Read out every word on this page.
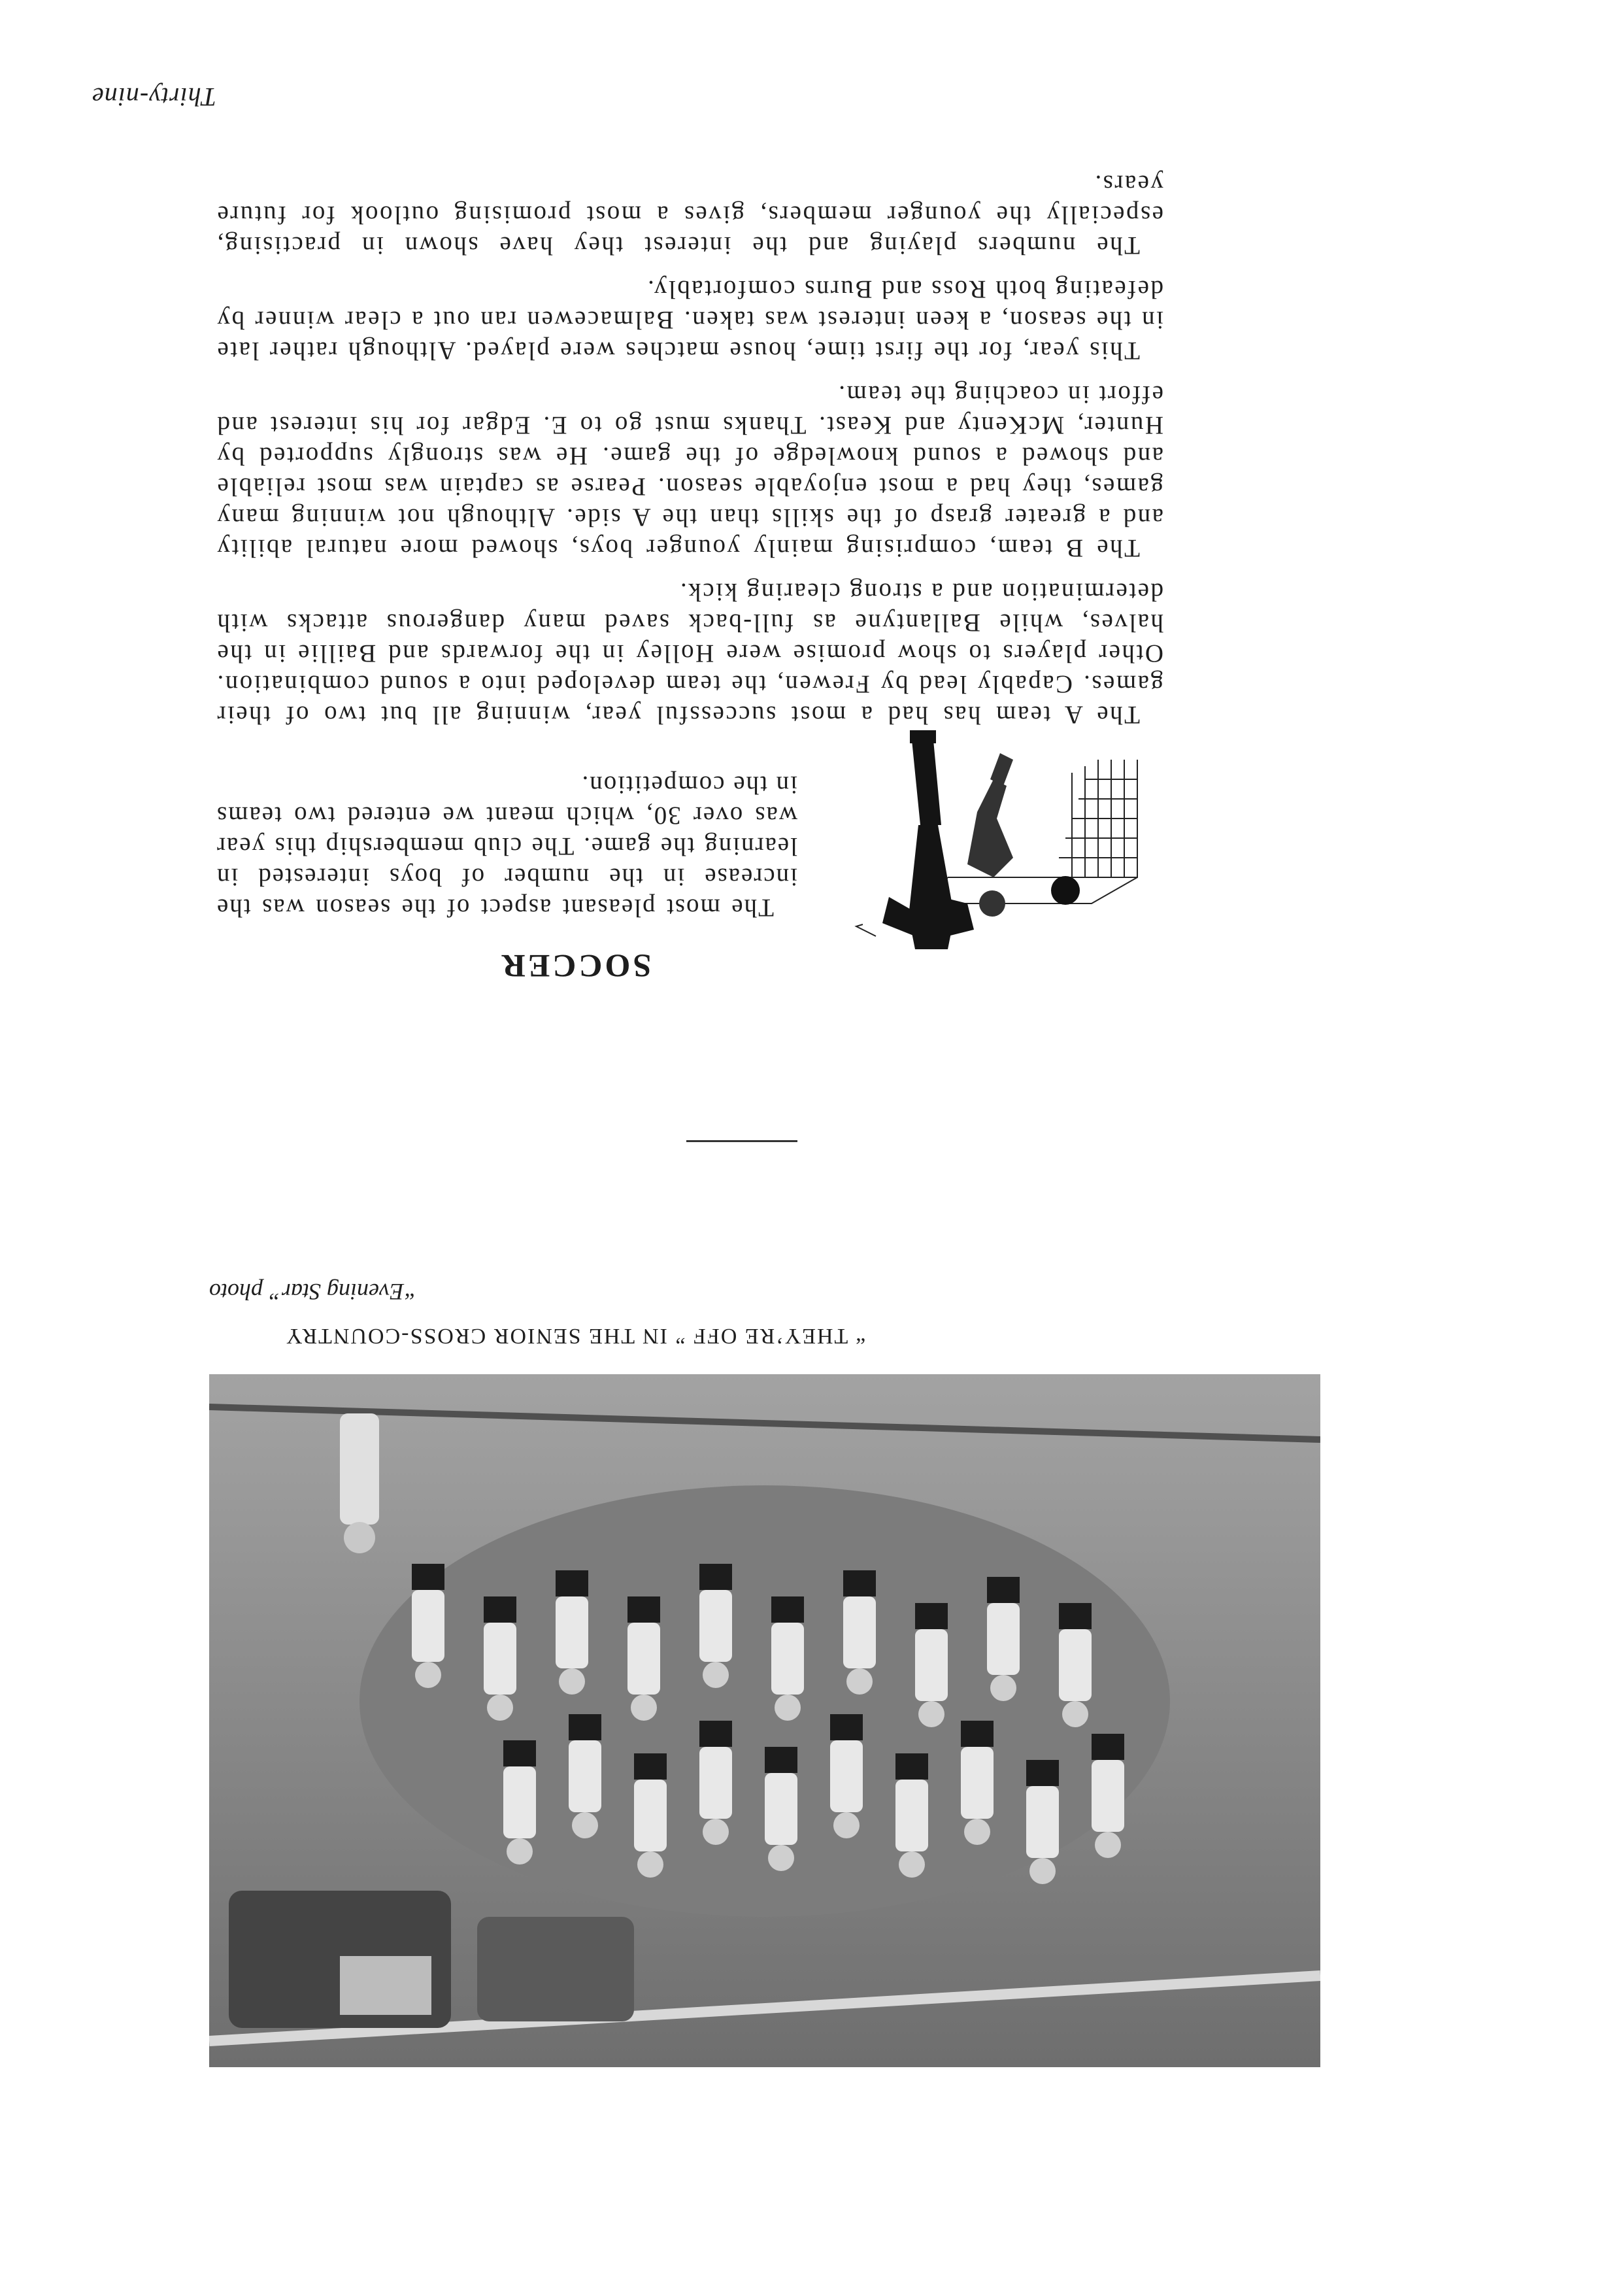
Thirty-nine
SOCCER

The most pleasant aspect of the season was the increase in the number of boys interested in learning the game. The club membership this year was over 30, which meant we entered two teams in the competition.

The A team has had a most successful year, winning all but two of their games. Capably lead by Frewen, the team developed into a sound combination. Other players to show promise were Holley in the forwards and Baillie in the halves, while Ballantyne as full-back saved many dangerous attacks with determination and a strong clearing kick.

The B team, comprising mainly younger boys, showed more natural ability and a greater grasp of the skills than the A side. Although not winning many games, they had a most enjoyable season. Pearse as captain was most reliable and showed a sound knowledge of the game. He was strongly supported by Hunter, McKenty and Keast. Thanks must go to E. Edgar for his interest and effort in coaching the team.

This year, for the first time, house matches were played. Although rather late in the season, a keen interest was taken. Balmacewen ran out a clear winner by defeating both Ross and Burns comfortably.

The numbers playing and the interest they have shown in practising, especially the younger members, gives a most promising outlook for future years.

“Evening Star” photo

“ THEY’RE OFF ” IN THE SENIOR CROSS-COUNTRY
